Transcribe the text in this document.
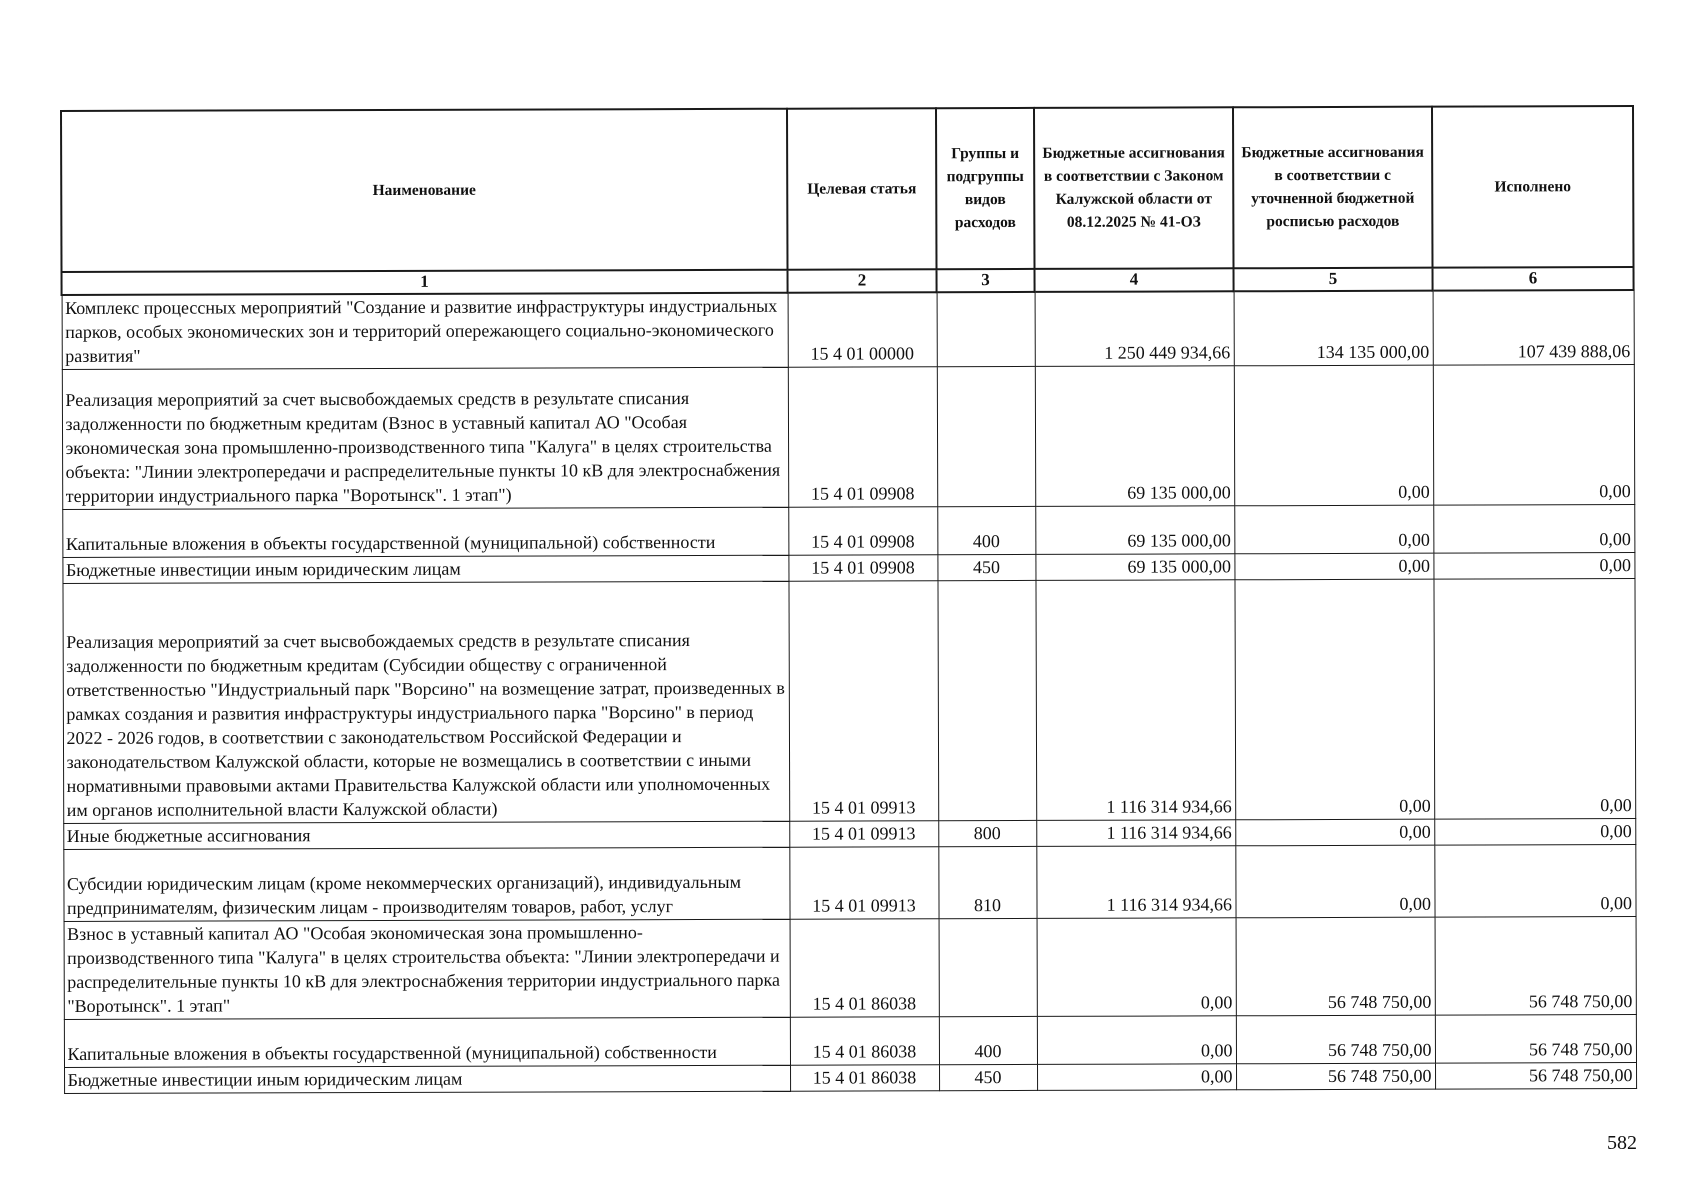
Наименование	Целевая статья	Группы и подгруппы видов расходов	Бюджетные ассигнования в соответствии с Законом Калужской области от 08.12.2025 № 41-ОЗ	Бюджетные ассигнования в соответствии с уточненной бюджетной росписью расходов	Исполнено
1	2	3	4	5	6
Комплекс процессных мероприятий "Создание и развитие инфраструктуры индустриальных парков, особых экономических зон и территорий опережающего социально-экономического развития"	15 4 01 00000		1 250 449 934,66	134 135 000,00	107 439 888,06
Реализация мероприятий за счет высвобождаемых средств в результате списания задолженности по бюджетным кредитам (Взнос в уставный капитал АО "Особая экономическая зона промышленно-производственного типа "Калуга" в целях строительства объекта: "Линии электропередачи и распределительные пункты 10 кВ для электроснабжения территории индустриального парка "Воротынск". 1 этап")	15 4 01 09908		69 135 000,00	0,00	0,00
Капитальные вложения в объекты государственной (муниципальной) собственности	15 4 01 09908	400	69 135 000,00	0,00	0,00
Бюджетные инвестиции иным юридическим лицам	15 4 01 09908	450	69 135 000,00	0,00	0,00
Реализация мероприятий за счет высвобождаемых средств в результате списания задолженности по бюджетным кредитам (Субсидии обществу с ограниченной ответственностью "Индустриальный парк "Ворсино" на возмещение затрат, произведенных в рамках создания и развития инфраструктуры индустриального парка "Ворсино" в период 2022 - 2026 годов, в соответствии с законодательством Российской Федерации и законодательством Калужской области, которые не возмещались в соответствии с иными нормативными правовыми актами Правительства Калужской области или уполномоченных им органов исполнительной власти Калужской области)	15 4 01 09913		1 116 314 934,66	0,00	0,00
Иные бюджетные ассигнования	15 4 01 09913	800	1 116 314 934,66	0,00	0,00
Субсидии юридическим лицам (кроме некоммерческих организаций), индивидуальным предпринимателям, физическим лицам - производителям товаров, работ, услуг	15 4 01 09913	810	1 116 314 934,66	0,00	0,00
Взнос в уставный капитал АО "Особая экономическая зона промышленно-производственного типа "Калуга" в целях строительства объекта: "Линии электропередачи и распределительные пункты 10 кВ для электроснабжения территории индустриального парка "Воротынск". 1 этап"	15 4 01 86038		0,00	56 748 750,00	56 748 750,00
Капитальные вложения в объекты государственной (муниципальной) собственности	15 4 01 86038	400	0,00	56 748 750,00	56 748 750,00
Бюджетные инвестиции иным юридическим лицам	15 4 01 86038	450	0,00	56 748 750,00	56 748 750,00
582
